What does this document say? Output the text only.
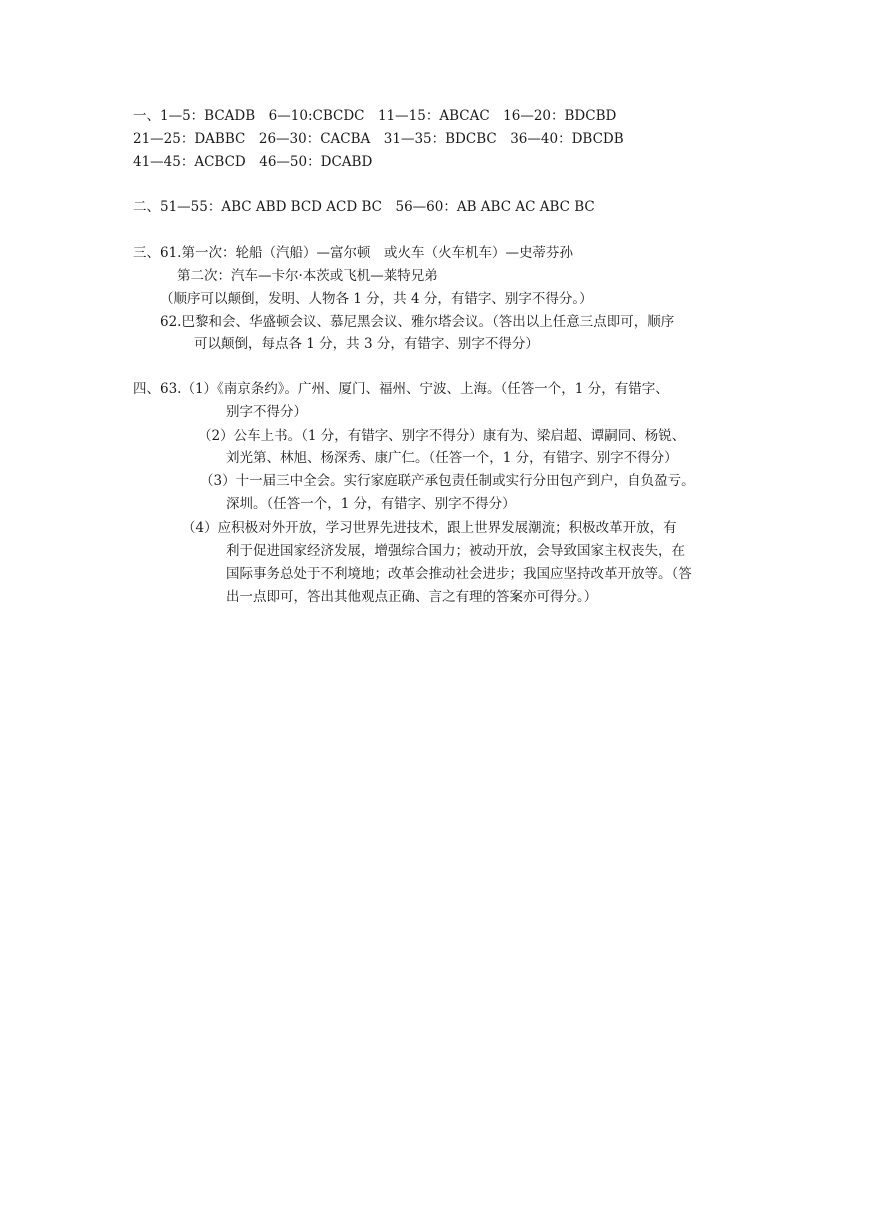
一、1—5：BCADB　6—10:CBCDC　11—15：ABCAC　16—20：BDCBD
21—25：DABBC　26—30：CACBA　31—35：BDCBC　36—40：DBCDB
41—45：ACBCD　46—50：DCABD
二、51—55：ABC ABD BCD ACD BC　56—60：AB ABC AC ABC BC
三、61.第一次：轮船（汽船）—富尔顿　或火车（火车机车）—史蒂芬孙
第二次：汽车—卡尔·本茨或飞机—莱特兄弟
（顺序可以颠倒，发明、人物各 1 分，共 4 分，有错字、别字不得分。）
62.巴黎和会、华盛顿会议、慕尼黑会议、雅尔塔会议。（答出以上任意三点即可，顺序
可以颠倒，每点各 1 分，共 3 分，有错字、别字不得分）
四、63.（1）《南京条约》。广州、厦门、福州、宁波、上海。（任答一个，1 分，有错字、
别字不得分）
（2）公车上书。（1 分，有错字、别字不得分）康有为、梁启超、谭嗣同、杨锐、
刘光第、林旭、杨深秀、康广仁。（任答一个，1 分，有错字、别字不得分）
（3）十一届三中全会。实行家庭联产承包责任制或实行分田包产到户，自负盈亏。
深圳。（任答一个，1 分，有错字、别字不得分）
（4）应积极对外开放，学习世界先进技术，跟上世界发展潮流；积极改革开放，有
利于促进国家经济发展，增强综合国力；被动开放，会导致国家主权丧失，在
国际事务总处于不利境地；改革会推动社会进步；我国应坚持改革开放等。（答
出一点即可，答出其他观点正确、言之有理的答案亦可得分。）
